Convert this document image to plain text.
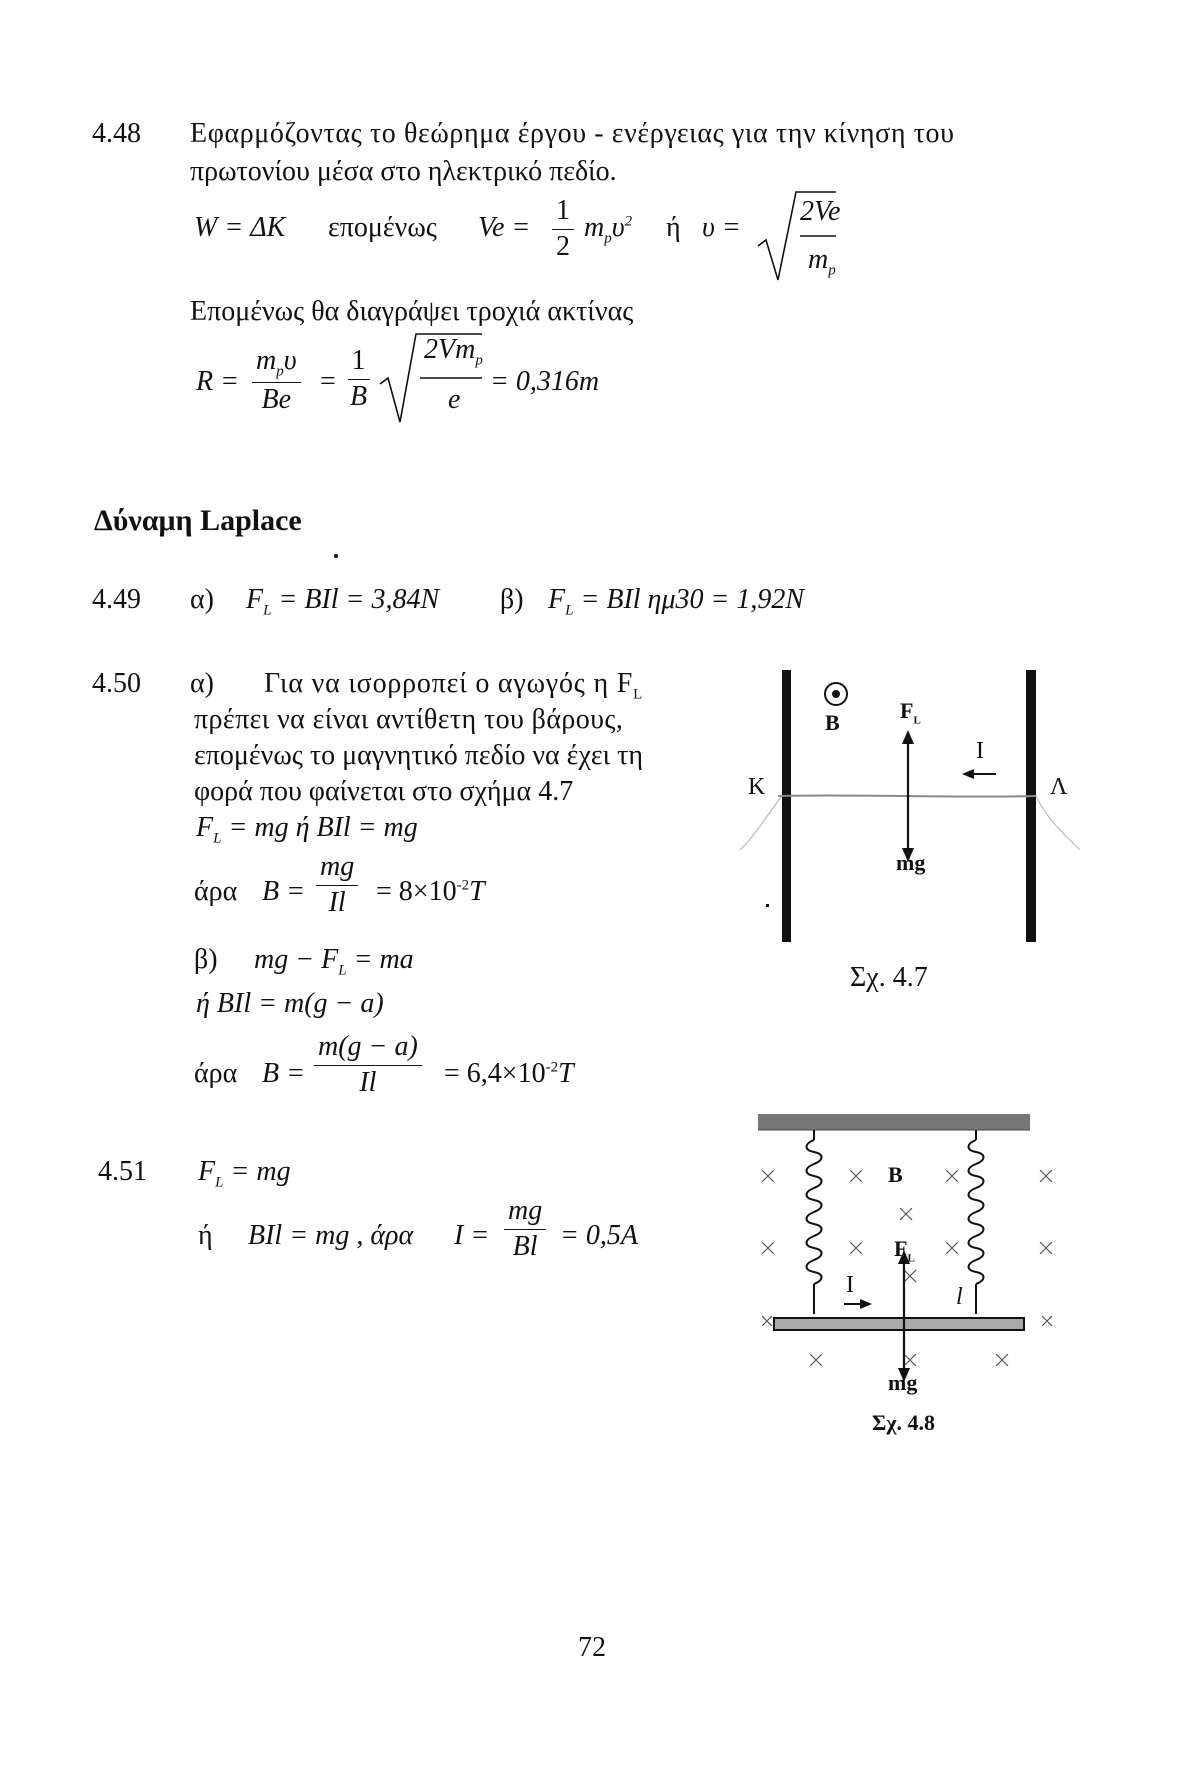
4.48 Εφαρμόζοντας το θεώρημα έργου - ενέργειας για την κίνηση του
πρωτονίου μέσα στο ηλεκτρικό πεδίο.
W = ΔK επομένως $Ve = \frac{1}{2} m_p\upsilon^2$ ή υ =
2Ve
$m_p$
Επομένως θα διαγράψει τροχιά ακτίνας
$R = \frac{m_p\upsilon}{Be} = \frac{1}{B} 2Vm_p$
e
= 0,316m
Δύναμη Laplace
4.49 α) $F_L$ = BIl = 3,84N β) $F_L$ = BIl ημ30 = 1,92N
4.50 α) Για να ισορροπεί ο αγωγός η $F_L$
πρέπει να είναι αντίθετη του βάρους,
επομένως το μαγνητικό πεδίο να έχει τη
φορά που φαίνεται στο σχήμα 4.7
$F_L$ = mg ή BIl = mg
άρα $B = \frac{mg}{Il} = 8\times 10^{-2}T$
β) mg − $F_L$ = ma
ή BIl = m(g − a)
άρα $B = \frac{m(g - a)}{Il} = 6,4\times 10^{-2}T$
4.51 $F_L$ = mg
ή BIl = mg , άρα $I = \frac{mg}{Bl} = 0,5A$
B	$F_L$
I
K	Λ
mg
Σχ. 4.7
B
$F_L$
I	l
mg
Σχ. 4.8
72
